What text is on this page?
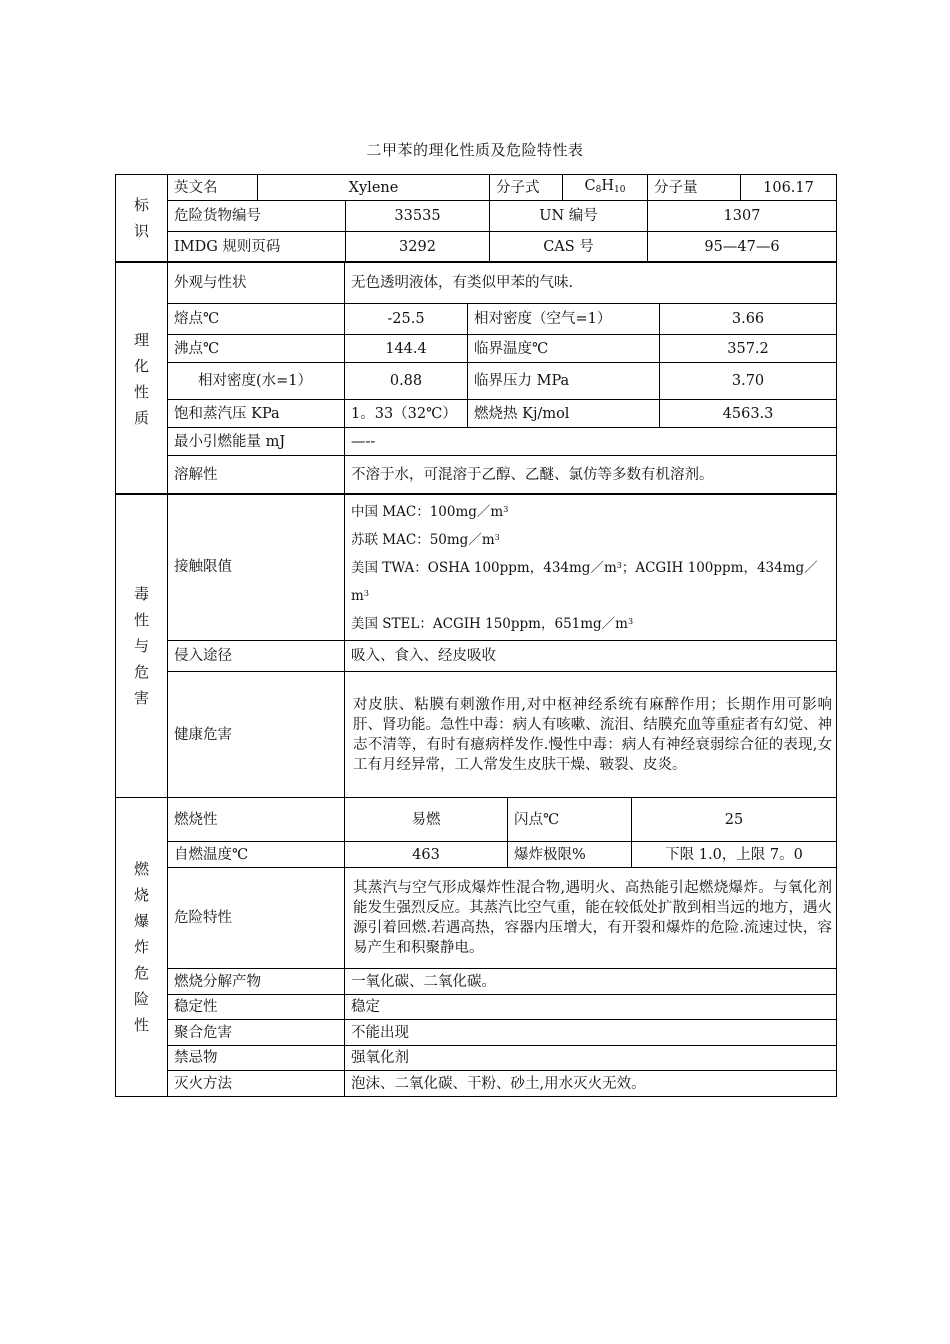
二甲苯的理化性质及危险特性表
标识	英文名	Xylene		分子式	$C_8H_{10}$	分子量	106.17
	危险货物编号		33535	UN 编号		1307	
	IMDG 规则页码		3292	CAS 号		95—47—6	
理化性质	外观与性状	无色透明液体，有类似甲苯的气味.		
	熔点℃	-25.5	相对密度（空气=1）	3.66
	沸点℃	144.4	临界温度℃	357.2
	相对密度(水=1）	0.88	临界压力 MPa	3.70
	饱和蒸汽压 KPa	1。33（32℃）	燃烧热 Kj/mol	4563.3
	最小引燃能量 mJ	—--		
	溶解性	不溶于水，可混溶于乙醇、乙醚、氯仿等多数有机溶剂。		
毒性与危害	接触限值	中国 MAC：$100mg/m^3$
苏联 MAC：$50mg/m^3$
美国 TWA：OSHA 100ppm，$434mg/m^3$；ACGIH 100ppm，$434mg/m^3$
美国 STEL：ACGIH 150ppm，$651mg/m^3$

	侵入途径	吸入、食入、经皮吸收
	健康危害	对皮肤、粘膜有刺激作用,对中枢神经系统有麻醉作用；长期作用可影响肝、肾功能。急性中毒：病人有咳嗽、流泪、结膜充血等重症者有幻觉、神志不清等，有时有癔病样发作.慢性中毒：病人有神经衰弱综合征的表现,女工有月经异常，工人常发生皮肤干燥、皲裂、皮炎。
燃烧爆炸危险性	燃烧性	易燃	闪点℃	25
	自燃温度℃	463	爆炸极限%	下限 1.0，上限 7。0
	危险特性	其蒸汽与空气形成爆炸性混合物,遇明火、高热能引起燃烧爆炸。与氧化剂能发生强烈反应。其蒸汽比空气重，能在较低处扩散到相当远的地方，遇火源引着回燃.若遇高热，容器内压增大，有开裂和爆炸的危险.流速过快，容易产生和积聚静电。		
	燃烧分解产物	一氧化碳、二氧化碳。		
	稳定性	稳定		
	聚合危害	不能出现		
	禁忌物	强氧化剂		
	灭火方法	泡沫、二氧化碳、干粉、砂土,用水灭火无效。		
